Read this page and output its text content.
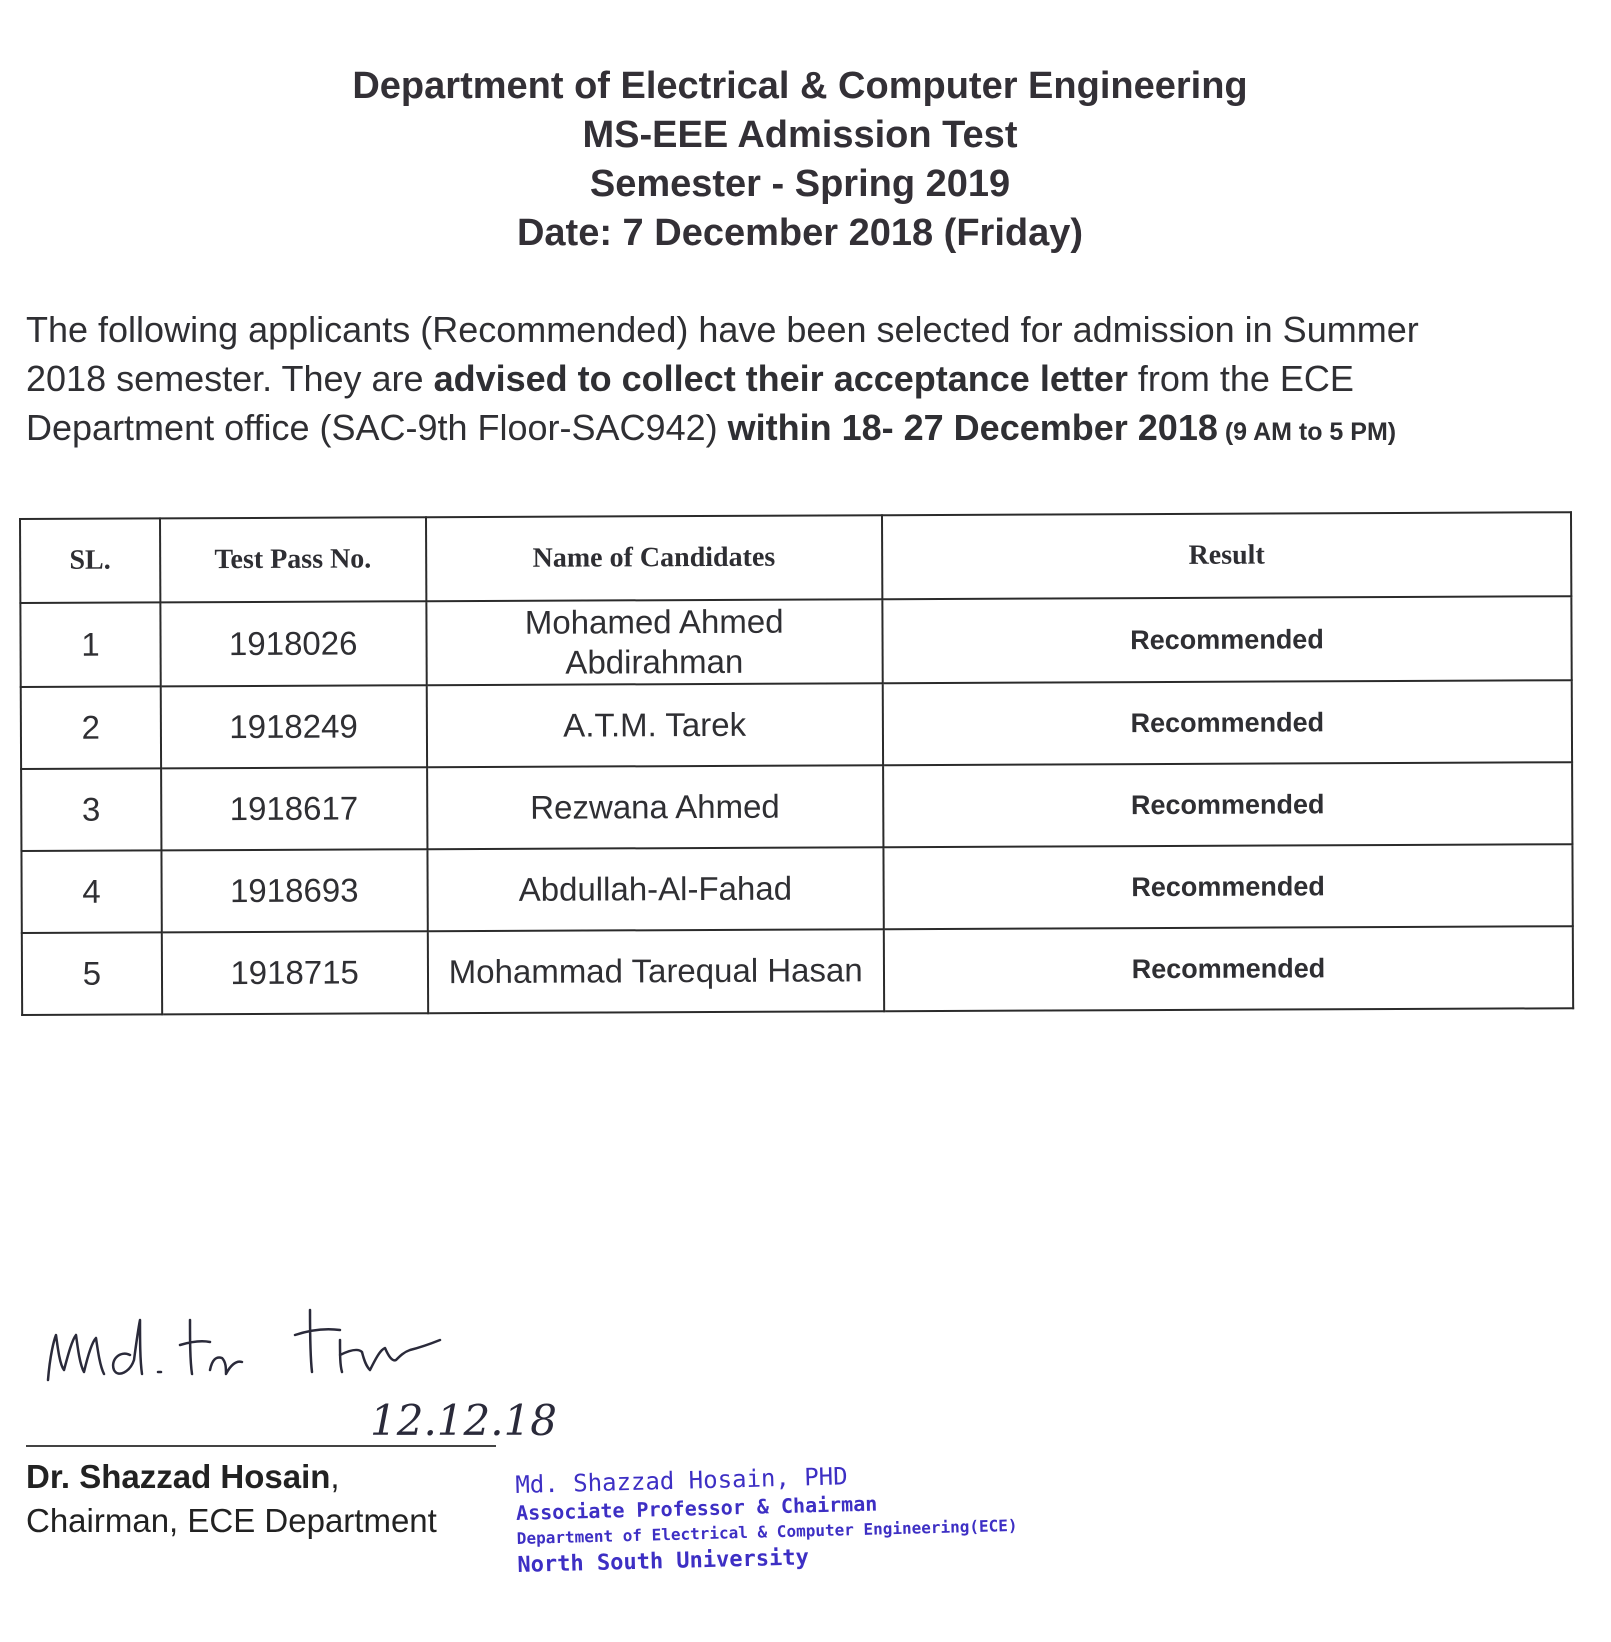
Department of Electrical & Computer Engineering
MS-EEE Admission Test
Semester - Spring 2019
Date: 7 December 2018 (Friday)
The following applicants (Recommended) have been selected for admission in Summer
2018 semester. They are advised to collect their acceptance letter from the ECE
Department office (SAC-9th Floor-SAC942) within 18- 27 December 2018 (9 AM to 5 PM)
SL.	Test Pass No.	Name of Candidates	Result
1	1918026	Mohamed Ahmed
Abdirahman	Recommended
2	1918249	A.T.M. Tarek	Recommended
3	1918617	Rezwana Ahmed	Recommended
4	1918693	Abdullah-Al-Fahad	Recommended
5	1918715	Mohammad Tarequal Hasan	Recommended
12.12.18
Dr. Shazzad Hosain,
Chairman, ECE Department
Md. Shazzad Hosain, PHD
Associate Professor & Chairman
Department of Electrical & Computer Engineering(ECE)
North South University
